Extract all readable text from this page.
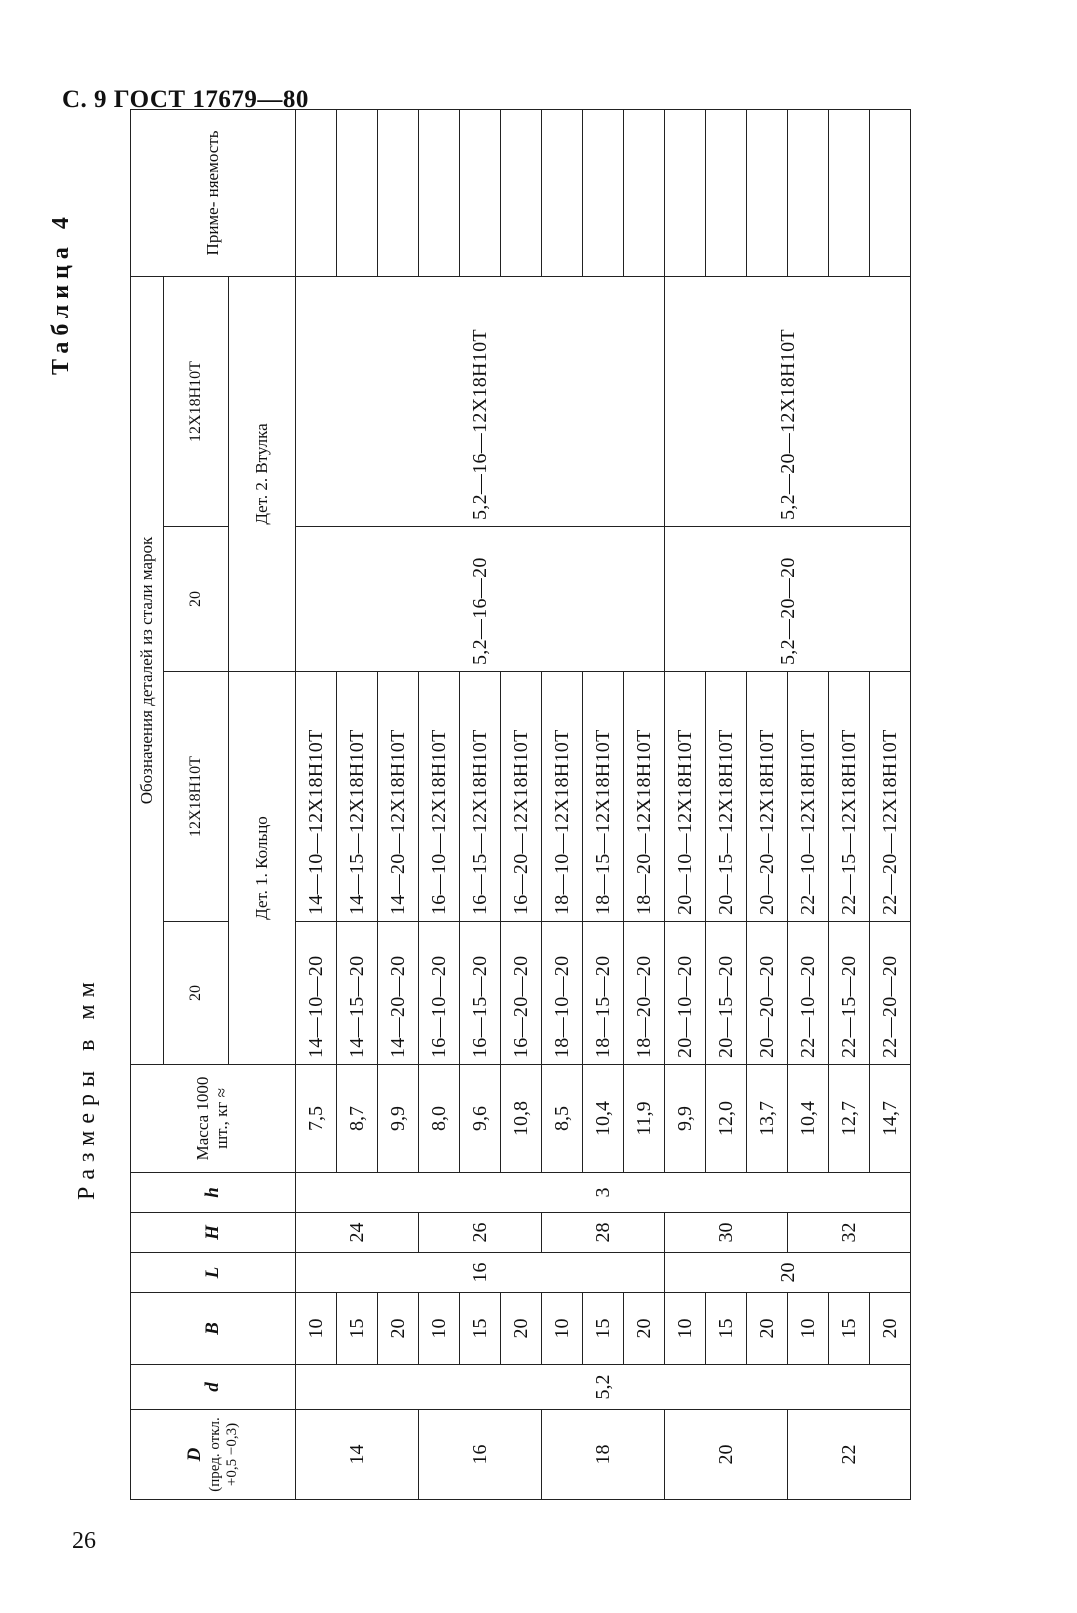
С. 9 ГОСТ 17679—80
Таблица 4
Размеры в мм
D (пред. откл. +0,5 −0,3)	d	B	L	H	h	Масса 1000 шт., кг ≈	Обозначения деталей из стали марок				Приме- няемость
							20	12Х18Н10Т	20	12Х18Н10Т	
							Дет. 1. Кольцо		Дет. 2. Втулка		
14	5,2	10	16	24	3	7,5	14—10—20	14—10—12Х18Н10Т	5,2—16—20	5,2—16—12Х18Н10Т	
		15				8,7	14—15—20	14—15—12Х18Н10Т			
		20				9,9	14—20—20	14—20—12Х18Н10Т			
16		10		26		8,0	16—10—20	16—10—12Х18Н10Т			
		15				9,6	16—15—20	16—15—12Х18Н10Т			
		20				10,8	16—20—20	16—20—12Х18Н10Т			
18		10		28		8,5	18—10—20	18—10—12Х18Н10Т			
		15				10,4	18—15—20	18—15—12Х18Н10Т			
		20				11,9	18—20—20	18—20—12Х18Н10Т			
20		10	20	30		9,9	20—10—20	20—10—12Х18Н10Т	5,2—20—20	5,2—20—12Х18Н10Т	
		15				12,0	20—15—20	20—15—12Х18Н10Т			
		20				13,7	20—20—20	20—20—12Х18Н10Т			
22		10		32		10,4	22—10—20	22—10—12Х18Н10Т			
		15				12,7	22—15—20	22—15—12Х18Н10Т			
		20				14,7	22—20—20	22—20—12Х18Н10Т			
26
